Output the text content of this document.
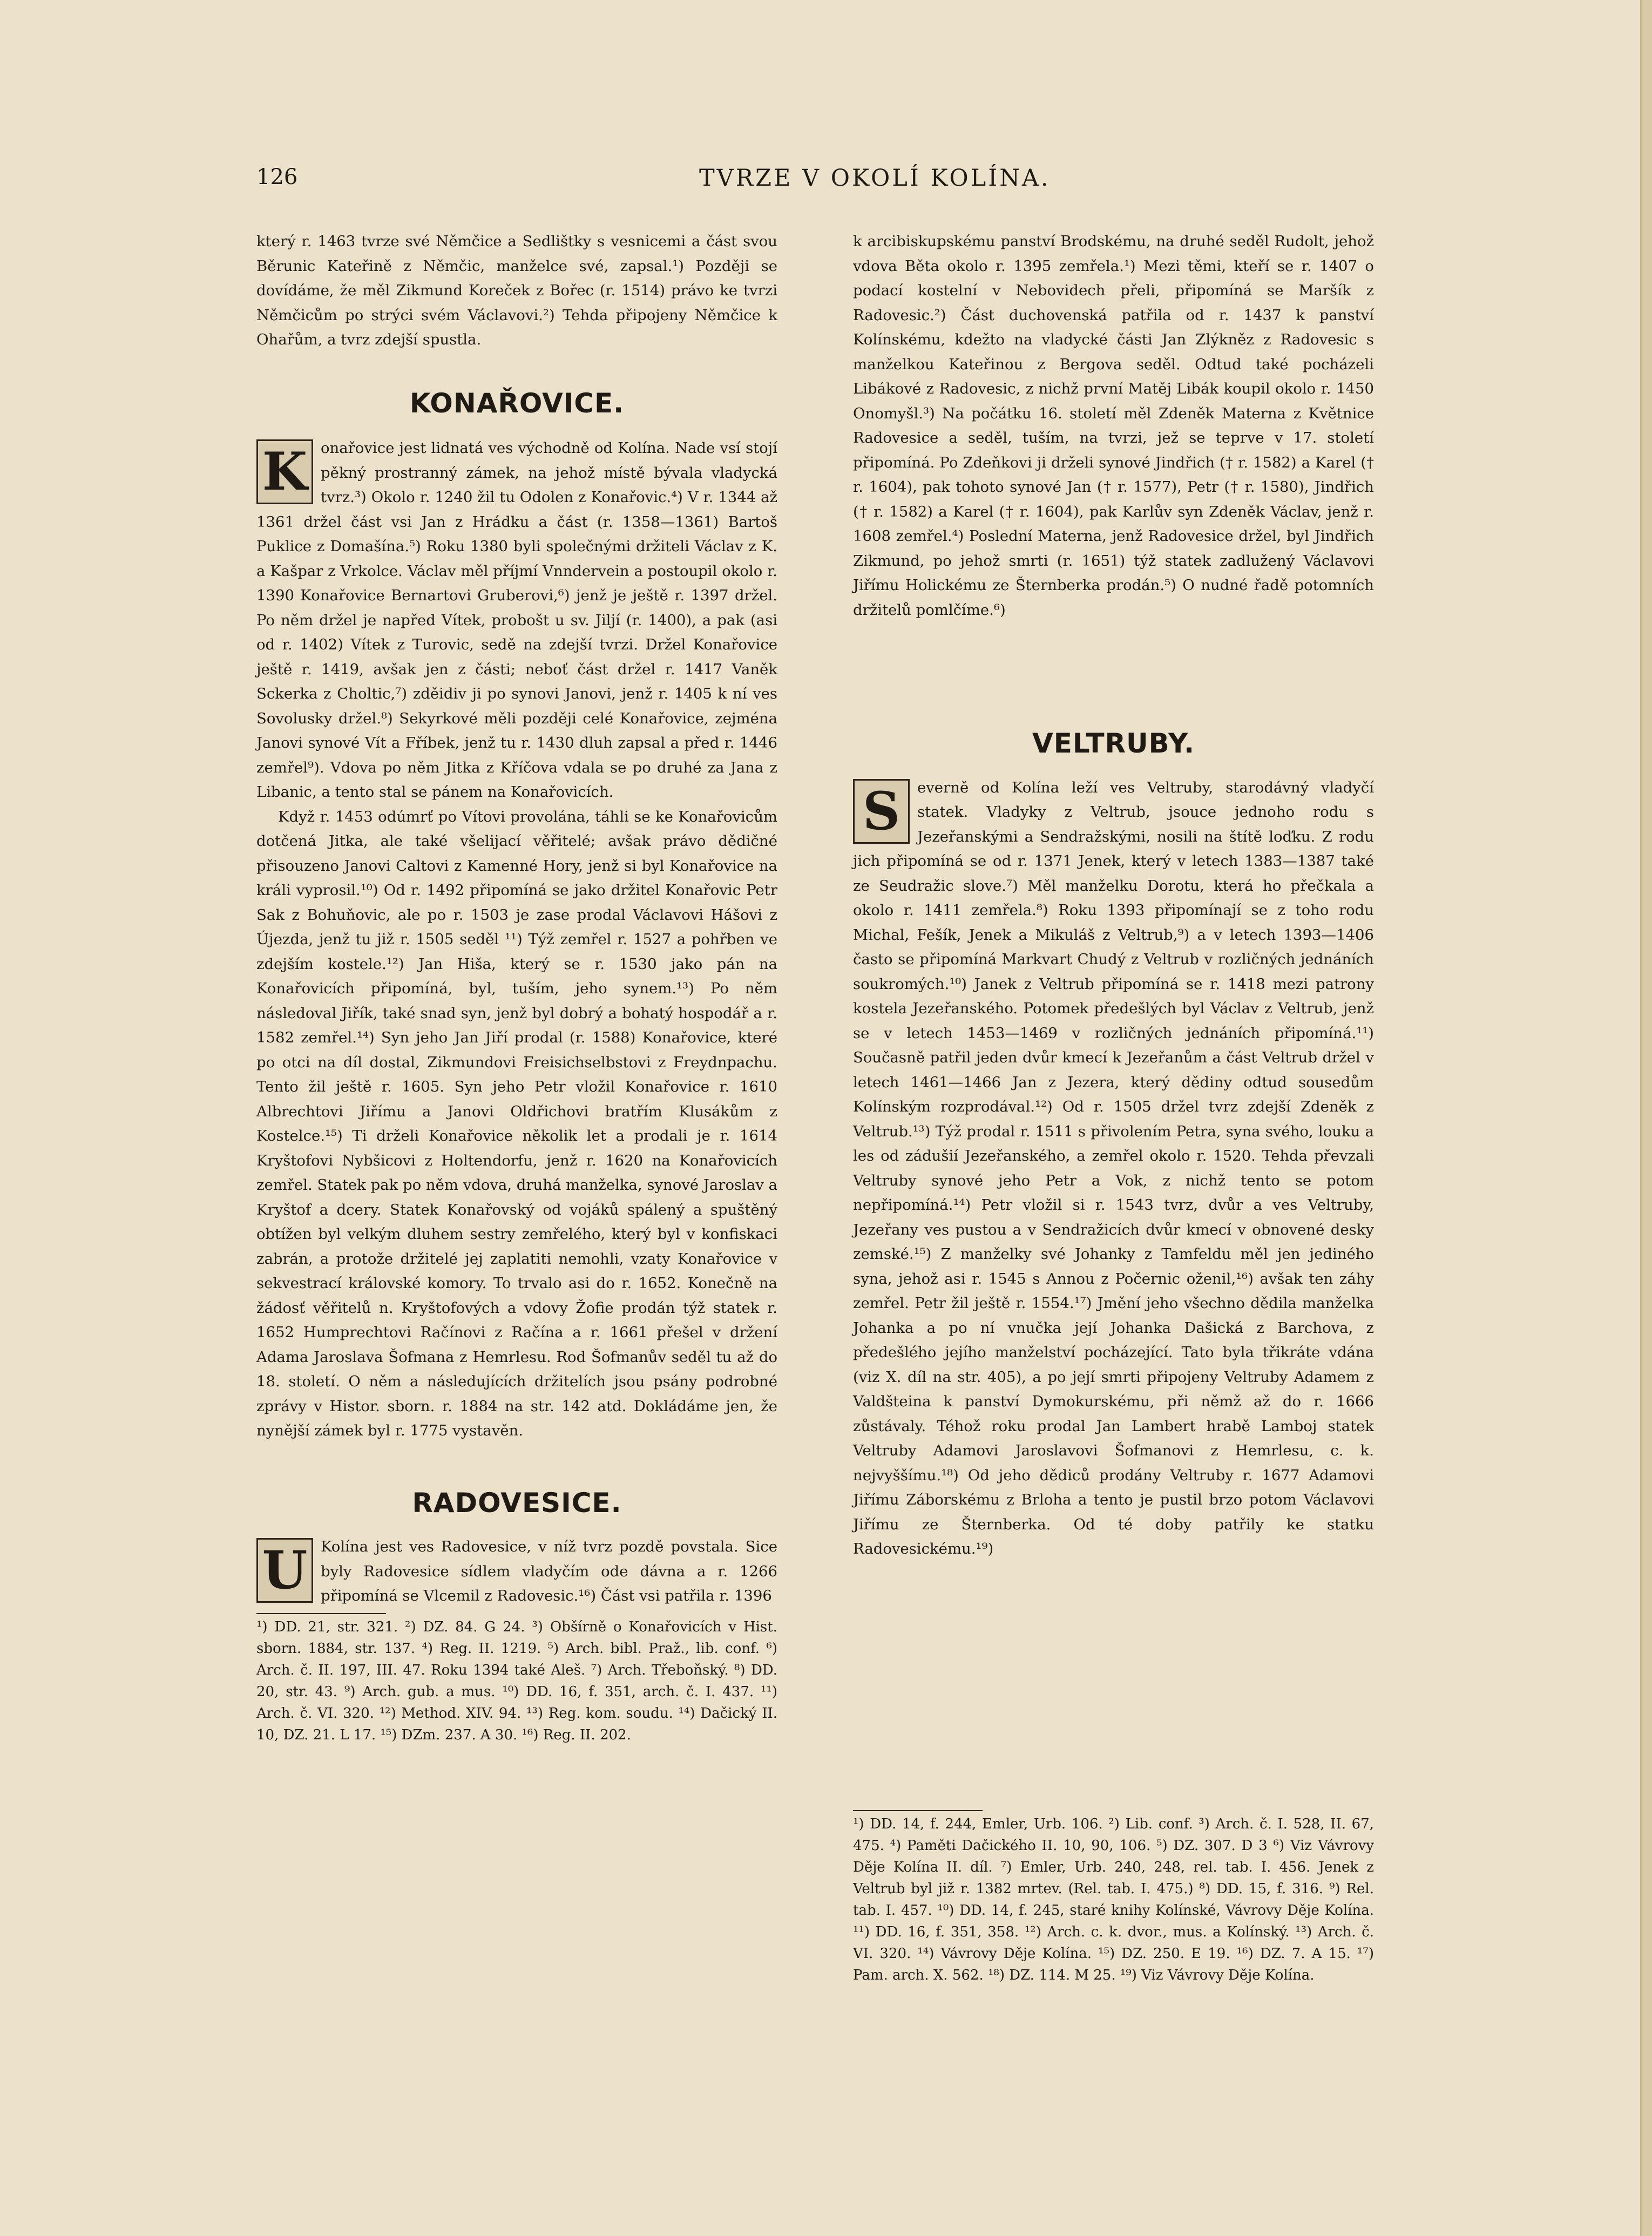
126	TVRZE V OKOLÍ KOLÍNA.

který r. 1463 tvrze své Němčice a Sedlištky s vesnicemi a část svou Běrunic Kateřině z Němčic, manželce své, zapsal.¹) Později se dovídáme, že měl Zikmund Koreček z Bořec (r. 1514) právo ke tvrzi Němčicům po strýci svém Václavovi.²) Tehda připojeny Němčice k Ohařům, a tvrz zdejší spustla.

KONAŘOVICE.
K onařovice jest lidnatá ves východně od Kolína. Nade vsí stojí pěkný prostranný zámek, na jehož místě bývala vladycká tvrz.³) Okolo r. 1240 žil tu Odolen z Konařovic.⁴) V r. 1344 až 1361 držel část vsi Jan z Hrádku a část (r. 1358—1361) Bartoš Puklice z Domašína.⁵) Roku 1380 byli společnými držiteli Václav z K. a Kašpar z Vrkolce. Václav měl příjmí Vnndervein a postoupil okolo r. 1390 Konařovice Bernartovi Gruberovi,⁶) jenž je ještě r. 1397 držel. Po něm držel je napřed Vítek, probošt u sv. Jiljí (r. 1400), a pak (asi od r. 1402) Vítek z Turovic, sedě na zdejší tvrzi. Držel Konařovice ještě r. 1419, avšak jen z části; neboť část držel r. 1417 Vaněk Sckerka z Choltic,⁷) zděidiv ji po synovi Janovi, jenž r. 1405 k ní ves Sovolusky držel.⁸) Sekyrkové měli později celé Konařovice, zejména Janovi synové Vít a Fříbek, jenž tu r. 1430 dluh zapsal a před r. 1446 zemřel⁹). Vdova po něm Jitka z Kříčova vdala se po druhé za Jana z Libanic, a tento stal se pánem na Konařovicích.

Když r. 1453 odúmrť po Vítovi provolána, táhli se ke Konařovicům dotčená Jitka, ale také všelijací věřitelé; avšak právo dědičné přisouzeno Janovi Caltovi z Kamenné Hory, jenž si byl Konařovice na králi vyprosil.¹⁰) Od r. 1492 připomíná se jako držitel Konařovic Petr Sak z Bohuňovic, ale po r. 1503 je zase prodal Václavovi Hášovi z Újezda, jenž tu již r. 1505 seděl ¹¹) Týž zemřel r. 1527 a pohřben ve zdejším kostele.¹²) Jan Hiša, který se r. 1530 jako pán na Konařovicích připomíná, byl, tuším, jeho synem.¹³) Po něm následoval Jiřík, také snad syn, jenž byl dobrý a bohatý hospodář a r. 1582 zemřel.¹⁴) Syn jeho Jan Jiří prodal (r. 1588) Konařovice, které po otci na díl dostal, Zikmundovi Freisichselbstovi z Freydnpachu. Tento žil ještě r. 1605. Syn jeho Petr vložil Konařovice r. 1610 Albrechtovi Jiřímu a Janovi Oldřichovi bratřím Klusákům z Kostelce.¹⁵) Ti drželi Konařovice několik let a prodali je r. 1614 Kryštofovi Nybšicovi z Holtendorfu, jenž r. 1620 na Konařovicích zemřel. Statek pak po něm vdova, druhá manželka, synové Jaroslav a Kryštof a dcery. Statek Konařovský od vojáků spálený a spuštěný obtížen byl velkým dluhem sestry zemřelého, který byl v konfiskaci zabrán, a protože držitelé jej zaplatiti nemohli, vzaty Konařovice v sekvestrací královské komory. To trvalo asi do r. 1652. Konečně na žádosť věřitelů n. Kryštofových a vdovy Žofie prodán týž statek r. 1652 Humprechtovi Račínovi z Račína a r. 1661 přešel v držení Adama Jaroslava Šofmana z Hemrlesu. Rod Šofmanův seděl tu až do 18. století. O něm a následujících držitelích jsou psány podrobné zprávy v Histor. sborn. r. 1884 na str. 142 atd. Dokládáme jen, že nynější zámek byl r. 1775 vystavěn.

RADOVESICE.
U Kolína jest ves Radovesice, v níž tvrz pozdě povstala. Sice byly Radovesice sídlem vladyčím ode dávna a r. 1266 připomíná se Vlcemil z Radovesic.¹⁶) Část vsi patřila r. 1396

¹) DD. 21, str. 321. ²) DZ. 84. G 24. ³) Obšírně o Konařovicích v Hist. sborn. 1884, str. 137. ⁴) Reg. II. 1219. ⁵) Arch. bibl. Praž., lib. conf. ⁶) Arch. č. II. 197, III. 47. Roku 1394 také Aleš. ⁷) Arch. Třeboňský. ⁸) DD. 20, str. 43. ⁹) Arch. gub. a mus. ¹⁰) DD. 16, f. 351, arch. č. I. 437. ¹¹) Arch. č. VI. 320. ¹²) Method. XIV. 94. ¹³) Reg. kom. soudu. ¹⁴) Dačický II. 10, DZ. 21. L 17. ¹⁵) DZm. 237. A 30. ¹⁶) Reg. II. 202.

k arcibiskupskému panství Brodskému, na druhé seděl Rudolt, jehož vdova Běta okolo r. 1395 zemřela.¹) Mezi těmi, kteří se r. 1407 o podací kostelní v Nebovidech přeli, připomíná se Maršík z Radovesic.²) Část duchovenská patřila od r. 1437 k panství Kolínskému, kdežto na vladycké části Jan Zlýkněz z Radovesic s manželkou Kateřinou z Bergova seděl. Odtud také pocházeli Libákové z Radovesic, z nichž první Matěj Libák koupil okolo r. 1450 Onomyšl.³) Na počátku 16. století měl Zdeněk Materna z Květnice Radovesice a seděl, tuším, na tvrzi, jež se teprve v 17. století připomíná. Po Zdeňkovi ji drželi synové Jindřich († r. 1582) a Karel († r. 1604), pak tohoto synové Jan († r. 1577), Petr († r. 1580), Jindřich († r. 1582) a Karel († r. 1604), pak Karlův syn Zdeněk Václav, jenž r. 1608 zemřel.⁴) Poslední Materna, jenž Radovesice držel, byl Jindřich Zikmund, po jehož smrti (r. 1651) týž statek zadlužený Václavovi Jiřímu Holickému ze Šternberka prodán.⁵) O nudné řadě potomních držitelů pomlčíme.⁶)

VELTRUBY.
S	everně od Kolína leží ves Veltruby, starodávný vladyčí statek. Vladyky z Veltrub, jsouce jednoho rodu s Jezeřanskými a Sendražskými, nosili na štítě loďku. Z rodu jich připomíná se od r. 1371 Jenek, který v letech 1383—1387 také ze Seudražic slove.⁷) Měl manželku Dorotu, která ho přečkala a okolo r. 1411 zemřela.⁸) Roku 1393 připomínají se z toho rodu Michal, Fešík, Jenek a Mikuláš z Veltrub,⁹) a v letech 1393—1406 často se připomíná Markvart Chudý z Veltrub v rozličných jednáních soukromých.¹⁰) Janek z Veltrub připomíná se r. 1418 mezi patrony kostela Jezeřanského. Potomek předešlých byl Václav z Veltrub, jenž se v letech 1453—1469 v rozličných jednáních připomíná.¹¹) Současně patřil jeden dvůr kmecí k Jezeřanům a část Veltrub držel v letech 1461—1466 Jan z Jezera, který dědiny odtud sousedům Kolínským rozprodával.¹²) Od r. 1505 držel tvrz zdejší Zdeněk z Veltrub.¹³) Týž prodal r. 1511 s přivolením Petra, syna svého, louku a les od zádušií Jezeřanského, a zemřel okolo r. 1520. Tehda převzali Veltruby synové jeho Petr a Vok, z nichž tento se potom nepřipomíná.¹⁴) Petr vložil si r. 1543 tvrz, dvůr a ves Veltruby, Jezeřany ves pustou a v Sendražicích dvůr kmecí v obnovené desky zemské.¹⁵) Z manželky své Johanky z Tamfeldu měl jen jediného syna, jehož asi r. 1545 s Annou z Počernic oženil,¹⁶) avšak ten záhy zemřel. Petr žil ještě r. 1554.¹⁷) Jmění jeho všechno dědila manželka Johanka a po ní vnučka její Johanka Dašická z Barchova, z předešlého jejího manželství pocházející. Tato byla třikráte vdána (viz X. díl na str. 405), a po její smrti připojeny Veltruby Adamem z Valdšteina k panství Dymokurskému, při němž až do r. 1666 zůstávaly. Téhož roku prodal Jan Lambert hrabě Lamboj statek Veltruby Adamovi Jaroslavovi Šofmanovi z Hemrlesu, c. k. nejvyššímu.¹⁸) Od jeho dědiců prodány Veltruby r. 1677 Adamovi Jiřímu Záborskému z Brloha a tento je pustil brzo potom Václavovi Jiřímu ze Šternberka. Od té doby patřily ke statku Radovesickému.¹⁹)

¹) DD. 14, f. 244, Emler, Urb. 106. ²) Lib. conf. ³) Arch. č. I. 528, II. 67, 475. ⁴) Paměti Dačického II. 10, 90, 106. ⁵) DZ. 307. D 3 ⁶) Viz Vávrovy Děje Kolína II. díl. ⁷) Emler, Urb. 240, 248, rel. tab. I. 456. Jenek z Veltrub byl již r. 1382 mrtev. (Rel. tab. I. 475.) ⁸) DD. 15, f. 316. ⁹) Rel. tab. I. 457. ¹⁰) DD. 14, f. 245, staré knihy Kolínské, Vávrovy Děje Kolína. ¹¹) DD. 16, f. 351, 358. ¹²) Arch. c. k. dvor., mus. a Kolínský. ¹³) Arch. č. VI. 320. ¹⁴) Vávrovy Děje Kolína. ¹⁵) DZ. 250. E 19. ¹⁶) DZ. 7. A 15. ¹⁷) Pam. arch. X. 562. ¹⁸) DZ. 114. M 25. ¹⁹) Viz Vávrovy Děje Kolína.
